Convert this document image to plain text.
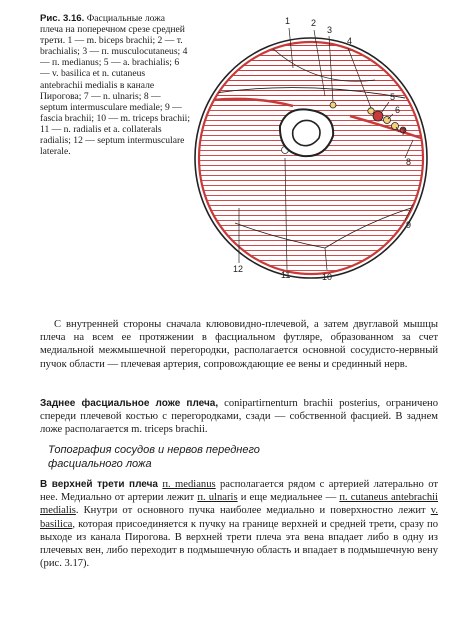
Рис. 3.16. Фасциальные ложа плеча на поперечном срезе средней трети. 1 — m. biceps brachii; 2 — т. brachialis; 3 — п. musculocutaneus; 4 — п. medianus; 5 — a. brachialis; 6 — v. basilica et n. cutaneus antebrachii medialis в канале Пирогова; 7 — n. ulnaris; 8 — septum intermusculare mediale; 9 — fascia brachii; 10 — m. triceps brachii; 11 — n. radialis et a. collaterals radialis; 12 — septum intermusculare laterale.
1 2
3
4
5
6
7
8
9
10
11
12
С внутренней стороны сначала клювовидно-плечевой, а затем двуглавой мышцы плеча на всем ее протяжении в фасциальном футляре, образованном за счет медиальной межмышечной перегородки, располагается основной сосудисто-нервный пучок области — плечевая артерия, сопровождающие ее вены и срединный нерв.
Заднее фасциальное ложе плеча, conipartirnenturn brachii posterius, ограничено спереди плечевой костью с перегородками, сзади — собственной фасцией. В заднем ложе располагается m. triceps brachii.
Топография сосудов и нервов переднего фасциального ложа
В верхней трети плеча п. medianus располагается рядом с артерией латерально от нее. Медиально от артерии лежит п. ulnaris и еще медиальнее — п. cutaneus antebrachii medialis. Кнутри от основного пучка наиболее медиально и поверхностно лежит v. basilica, которая присоединяется к пучку на границе верхней и средней трети, сразу по выходе из канала Пирогова. В верхней трети плеча эта вена впадает либо в одну из плечевых вен, либо переходит в подмышечную область и впадает в подмышечную вену (рис. 3.17).
